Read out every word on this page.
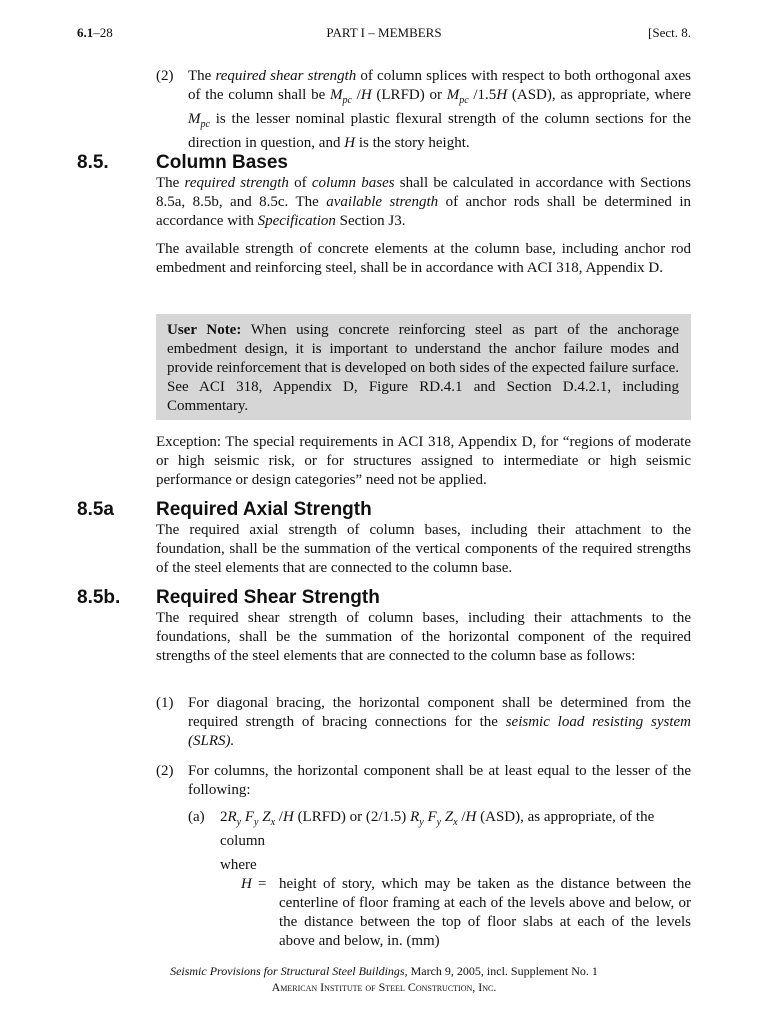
6.1–28	PART I – MEMBERS	[Sect. 8.
(2) The required shear strength of column splices with respect to both orthogonal axes of the column shall be $M_{pc}$ /H (LRFD) or $M_{pc}$ /1.5H (ASD), as appropriate, where $M_{pc}$ is the lesser nominal plastic flexural strength of the column sections for the direction in question, and H is the story height.
8.5. Column Bases
The required strength of column bases shall be calculated in accordance with Sections 8.5a, 8.5b, and 8.5c. The available strength of anchor rods shall be determined in accordance with Specification Section J3.
The available strength of concrete elements at the column base, including anchor rod embedment and reinforcing steel, shall be in accordance with ACI 318, Appendix D.
User Note: When using concrete reinforcing steel as part of the anchorage embedment design, it is important to understand the anchor failure modes and provide reinforcement that is developed on both sides of the expected failure surface. See ACI 318, Appendix D, Figure RD.4.1 and Section D.4.2.1, including Commentary.
Exception: The special requirements in ACI 318, Appendix D, for “regions of moderate or high seismic risk, or for structures assigned to intermediate or high seismic performance or design categories” need not be applied.
8.5a Required Axial Strength
The required axial strength of column bases, including their attachment to the foundation, shall be the summation of the vertical components of the required strengths of the steel elements that are connected to the column base.
8.5b. Required Shear Strength
The required shear strength of column bases, including their attachments to the foundations, shall be the summation of the horizontal component of the required strengths of the steel elements that are connected to the column base as follows:
(1) For diagonal bracing, the horizontal component shall be determined from the required strength of bracing connections for the seismic load resisting system (SLRS).
(2) For columns, the horizontal component shall be at least equal to the lesser of the following:
(a) $2R_y$ $F_y$ $Z_x$ /H (LRFD) or (2/1.5) $R_y$ $F_y$ $Z_x$ /H (ASD), as appropriate, of the column
where
H = height of story, which may be taken as the distance between the centerline of floor framing at each of the levels above and below, or the distance between the top of floor slabs at each of the levels above and below, in. (mm)
Seismic Provisions for Structural Steel Buildings, March 9, 2005, incl. Supplement No. 1
American Institute of Steel Construction, Inc.
